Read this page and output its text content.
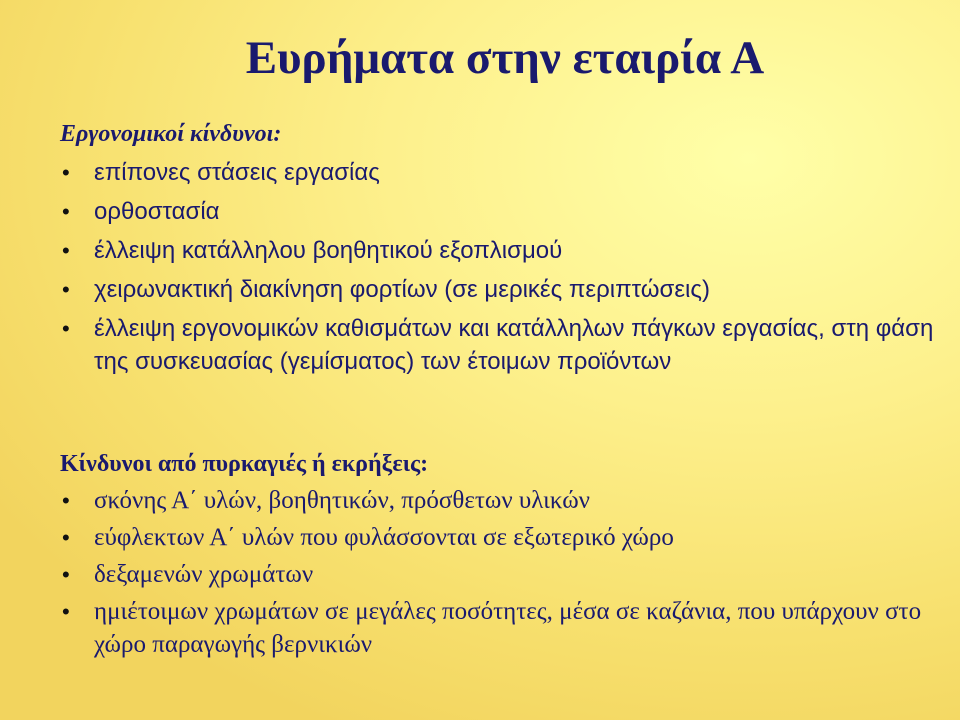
Ευρήματα στην εταιρία Α

Εργονομικοί κίνδυνοι:

• επίπονες στάσεις εργασίας
• ορθοστασία
• έλλειψη κατάλληλου βοηθητικού εξοπλισμού
• χειρωνακτική διακίνηση φορτίων (σε μερικές περιπτώσεις)
• έλλειψη εργονομικών καθισμάτων και κατάλληλων πάγκων εργασίας, στη φάση της συσκευασίας (γεμίσματος) των έτοιμων προϊόντων

Κίνδυνοι από πυρκαγιές ή εκρήξεις:

• σκόνης Α΄ υλών, βοηθητικών, πρόσθετων υλικών
• εύφλεκτων Α΄ υλών που φυλάσσονται σε εξωτερικό χώρο
• δεξαμενών χρωμάτων
• ημιέτοιμων χρωμάτων σε μεγάλες ποσότητες, μέσα σε καζάνια, που υπάρχουν στο χώρο παραγωγής βερνικιών
